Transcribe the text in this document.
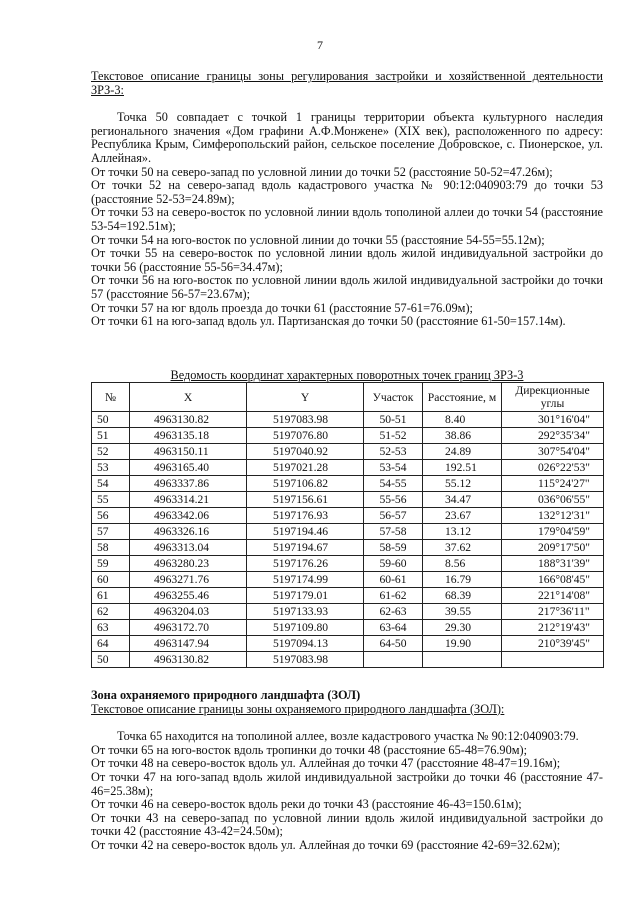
7

Текстовое описание границы зоны регулирования застройки и хозяйственной деятельности ЗРЗ-3:

Точка 50 совпадает с точкой 1 границы территории объекта культурного наследия регионального значения «Дом графини А.Ф.Монжене» (XIX век), расположенного по адресу: Республика Крым, Симферопольский район, сельское поселение Добровское, с. Пионерское, ул. Аллейная».

От точки 50 на северо-запад по условной линии до точки 52 (расстояние 50-52=47.26м);

От точки 52 на северо-запад вдоль кадастрового участка № 90:12:040903:79 до точки 53 (расстояние 52-53=24.89м);

От точки 53 на северо-восток по условной линии вдоль тополиной аллеи до точки 54 (расстояние 53-54=192.51м);

От точки 54 на юго-восток по условной линии до точки 55 (расстояние 54-55=55.12м);

От точки 55 на северо-восток по условной линии вдоль жилой индивидуальной застройки до точки 56 (расстояние 55-56=34.47м);

От точки 56 на юго-восток по условной линии вдоль жилой индивидуальной застройки до точки 57 (расстояние 56-57=23.67м);

От точки 57 на юг вдоль проезда до точки 61 (расстояние 57-61=76.09м);

От точки 61 на юго-запад вдоль ул. Партизанская до точки 50 (расстояние 61-50=157.14м).

Ведомость координат характерных поворотных точек границ ЗРЗ-3
№	X	Y	Участок	Расстояние, м	Дирекционные углы
50	4963130.82	5197083.98	50-51	8.40	301°16'04"
51	4963135.18	5197076.80	51-52	38.86	292°35'34"
52	4963150.11	5197040.92	52-53	24.89	307°54'04"
53	4963165.40	5197021.28	53-54	192.51	026°22'53"
54	4963337.86	5197106.82	54-55	55.12	115°24'27"
55	4963314.21	5197156.61	55-56	34.47	036°06'55"
56	4963342.06	5197176.93	56-57	23.67	132°12'31"
57	4963326.16	5197194.46	57-58	13.12	179°04'59"
58	4963313.04	5197194.67	58-59	37.62	209°17'50"
59	4963280.23	5197176.26	59-60	8.56	188°31'39"
60	4963271.76	5197174.99	60-61	16.79	166°08'45"
61	4963255.46	5197179.01	61-62	68.39	221°14'08"
62	4963204.03	5197133.93	62-63	39.55	217°36'11"
63	4963172.70	5197109.80	63-64	29.30	212°19'43"
64	4963147.94	5197094.13	64-50	19.90	210°39'45"
50	4963130.82	5197083.98			

Зона охраняемого природного ландшафта (ЗОЛ)

Текстовое описание границы зоны охраняемого природного ландшафта (ЗОЛ):

Точка 65 находится на тополиной аллее, возле кадастрового участка № 90:12:040903:79.

От точки 65 на юго-восток вдоль тропинки до точки 48 (расстояние 65-48=76.90м);

От точки 48 на северо-восток вдоль ул. Аллейная до точки 47 (расстояние 48-47=19.16м);

От точки 47 на юго-запад вдоль жилой индивидуальной застройки до точки 46 (расстояние 47-46=25.38м);

От точки 46 на северо-восток вдоль реки до точки 43 (расстояние 46-43=150.61м);

От точки 43 на северо-запад по условной линии вдоль жилой индивидуальной застройки до точки 42 (расстояние 43-42=24.50м);

От точки 42 на северо-восток вдоль ул. Аллейная до точки 69 (расстояние 42-69=32.62м);
